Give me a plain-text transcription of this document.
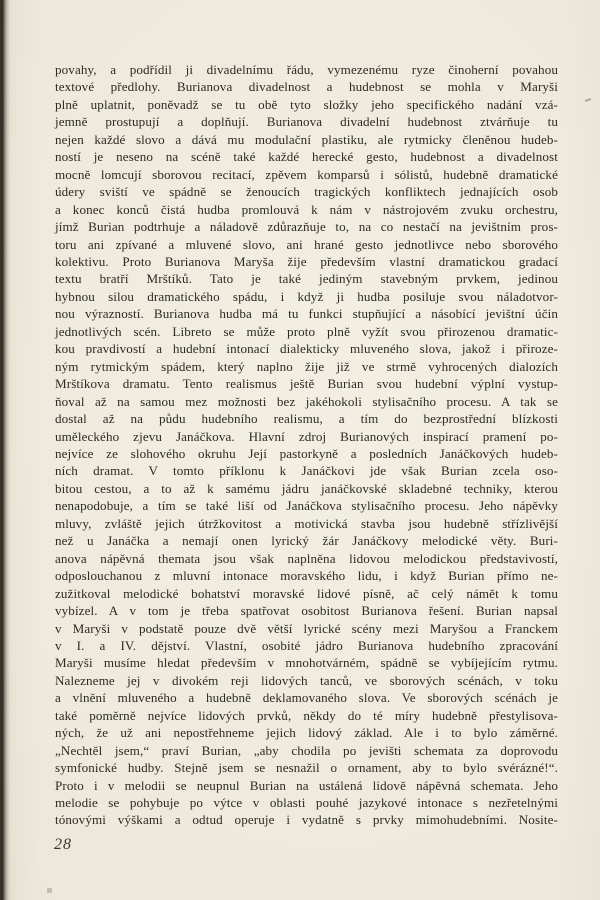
povahy, a podřídil ji divadelnímu řádu, vymezenému ryze činoherní povahou
textové předlohy. Burianova divadelnost a hudebnost se mohla v Maryši
plně uplatnit, poněvadž se tu obě tyto složky jeho specifického nadání vzá-
jemně prostupují a doplňují. Burianova divadelní hudebnost ztvárňuje tu
nejen každé slovo a dává mu modulační plastiku, ale rytmicky členěnou hudeb-
ností je neseno na scéně také každé herecké gesto, hudebnost a divadelnost
mocně lomcují sborovou recitací, zpěvem komparsů i sólistů, hudebně dramatické
údery sviští ve spádně se ženoucích tragických konfliktech jednajících osob
a konec konců čistá hudba promlouvá k nám v nástrojovém zvuku orchestru,
jímž Burian podtrhuje a náladově zdůrazňuje to, na co nestačí na jevištním pros-
toru ani zpívané a mluvené slovo, ani hrané gesto jednotlivce nebo sborového
kolektivu. Proto Burianova Maryša žije především vlastní dramatickou gradací
textu bratří Mrštíků. Tato je také jediným stavebným prvkem, jedinou
hybnou silou dramatického spádu, i když ji hudba posiluje svou náladotvor-
nou výrazností. Burianova hudba má tu funkci stupňující a násobící jevištní účin
jednotlivých scén. Libreto se může proto plně vyžít svou přirozenou dramatic-
kou pravdivostí a hudební intonací dialekticky mluveného slova, jakož i přiroze-
ným rytmickým spádem, který naplno žije již ve strmě vyhrocených dialozích
Mrštíkova dramatu. Tento realismus ještě Burian svou hudební výplní vystup-
ňoval až na samou mez možnosti bez jakéhokoli stylisačního procesu. A tak se
dostal až na půdu hudebního realismu, a tím do bezprostřední blízkosti
uměleckého zjevu Janáčkova. Hlavní zdroj Burianových inspirací pramení po-
nejvíce ze slohového okruhu Její pastorkyně a posledních Janáčkových hudeb-
ních dramat. V tomto příklonu k Janáčkovi jde však Burian zcela oso-
bitou cestou, a to až k samému jádru janáčkovské skladebné techniky, kterou
nenapodobuje, a tím se také liší od Janáčkova stylisačního procesu. Jeho nápěvky
mluvy, zvláště jejich útržkovitost a motivická stavba jsou hudebně střízlivější
než u Janáčka a nemají onen lyrický žár Janáčkovy melodické věty. Buri-
anova nápěvná themata jsou však naplněna lidovou melodickou představivostí,
odposlouchanou z mluvní intonace moravského lidu, i když Burian přímo ne-
zužitkoval melodické bohatství moravské lidové písně, ač celý námět k tomu
vybízel. A v tom je třeba spatřovat osobitost Burianova řešení. Burian napsal
v Maryši v podstatě pouze dvě větší lyrické scény mezi Maryšou a Franckem
v I. a IV. dějství. Vlastní, osobité jádro Burianova hudebního zpracování
Maryši musíme hledat především v mnohotvárném, spádně se vybíjejícím rytmu.
Nalezneme jej v divokém reji lidových tanců, ve sborových scénách, v toku
a vlnění mluveného a hudebně deklamovaného slova. Ve sborových scénách je
také poměrně nejvíce lidových prvků, někdy do té míry hudebně přestylisova-
ných, že už ani nepostřehneme jejich lidový základ. Ale i to bylo záměrné.
„Nechtěl jsem,“ praví Burian, „aby chodila po jevišti schemata za doprovodu
symfonické hudby. Stejně jsem se nesnažil o ornament, aby to bylo svérázné!“.
Proto i v melodii se neupnul Burian na ustálená lidově nápěvná schemata. Jeho
melodie se pohybuje po výtce v oblasti pouhé jazykové intonace s nezřetelnými
tónovými výškami a odtud operuje i vydatně s prvky mimohudebními. Nosite-
28
